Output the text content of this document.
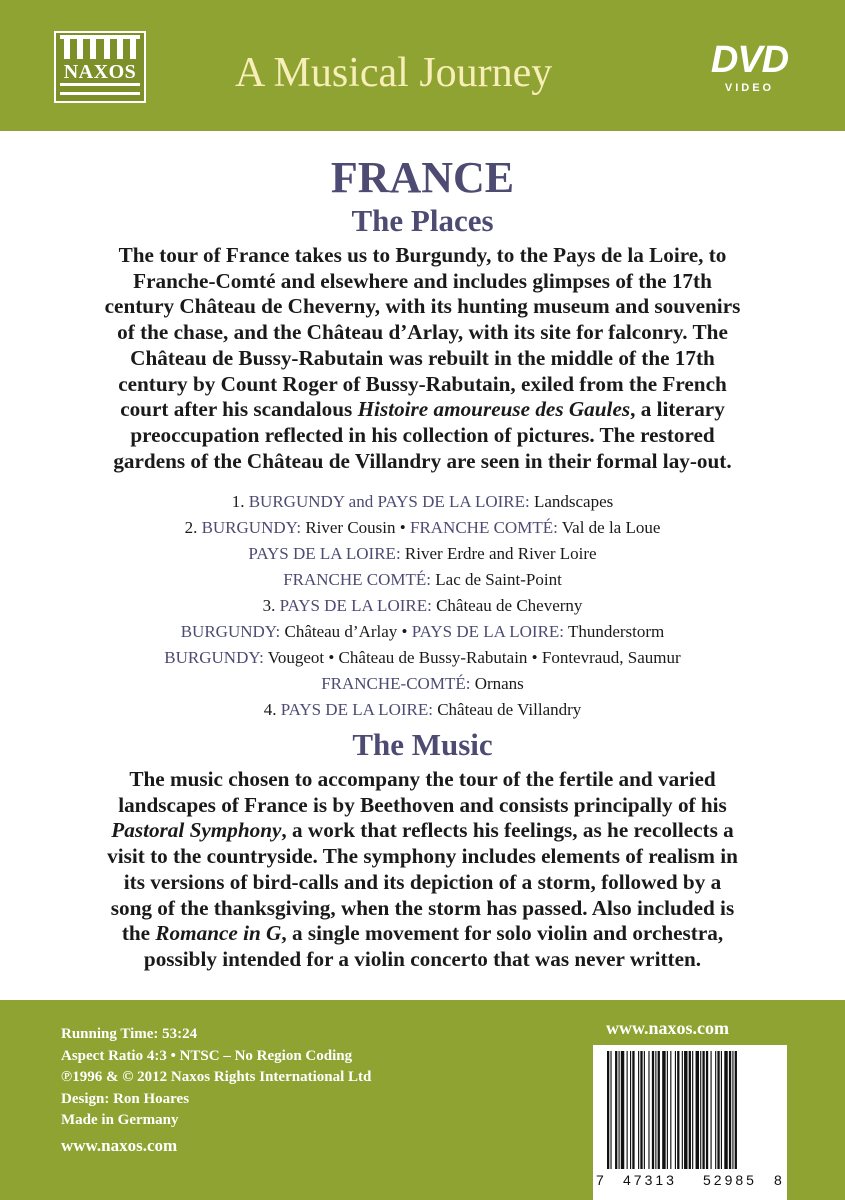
NAXOS A Musical Journey	DVD
VIDEO
FRANCE
The Places

The tour of France takes us to Burgundy, to the Pays de la Loire, to

Franche-Comté and elsewhere and includes glimpses of the 17th

century Château de Cheverny, with its hunting museum and souvenirs

of the chase, and the Château d’Arlay, with its site for falconry. The

Château de Bussy-Rabutain was rebuilt in the middle of the 17th

century by Count Roger of Bussy-Rabutain, exiled from the French

court after his scandalous Histoire amoureuse des Gaules, a literary

preoccupation reflected in his collection of pictures. The restored

gardens of the Château de Villandry are seen in their formal lay-out.

1. BURGUNDY and PAYS DE LA LOIRE: Landscapes

2. BURGUNDY: River Cousin • FRANCHE COMTÉ: Val de la Loue

PAYS DE LA LOIRE: River Erdre and River Loire

FRANCHE COMTÉ: Lac de Saint-Point

3. PAYS DE LA LOIRE: Château de Cheverny

BURGUNDY: Château d’Arlay • PAYS DE LA LOIRE: Thunderstorm

BURGUNDY: Vougeot • Château de Bussy-Rabutain • Fontevraud, Saumur

FRANCHE-COMTÉ: Ornans

4. PAYS DE LA LOIRE: Château de Villandry

The Music

The music chosen to accompany the tour of the fertile and varied

landscapes of France is by Beethoven and consists principally of his

Pastoral Symphony, a work that reflects his feelings, as he recollects a

visit to the countryside. The symphony includes elements of realism in

its versions of bird-calls and its depiction of a storm, followed by a

song of the thanksgiving, when the storm has passed. Also included is

the Romance in G, a single movement for solo violin and orchestra,

possibly intended for a violin concerto that was never written.

Running Time: 53:24
Aspect Ratio 4:3 • NTSC – No Region Coding
℗1996 & © 2012 Naxos Rights International Ltd
Design: Ron Hoares
Made in Germany
www.naxos.com
www.naxos.com
7 47313 52985 8
